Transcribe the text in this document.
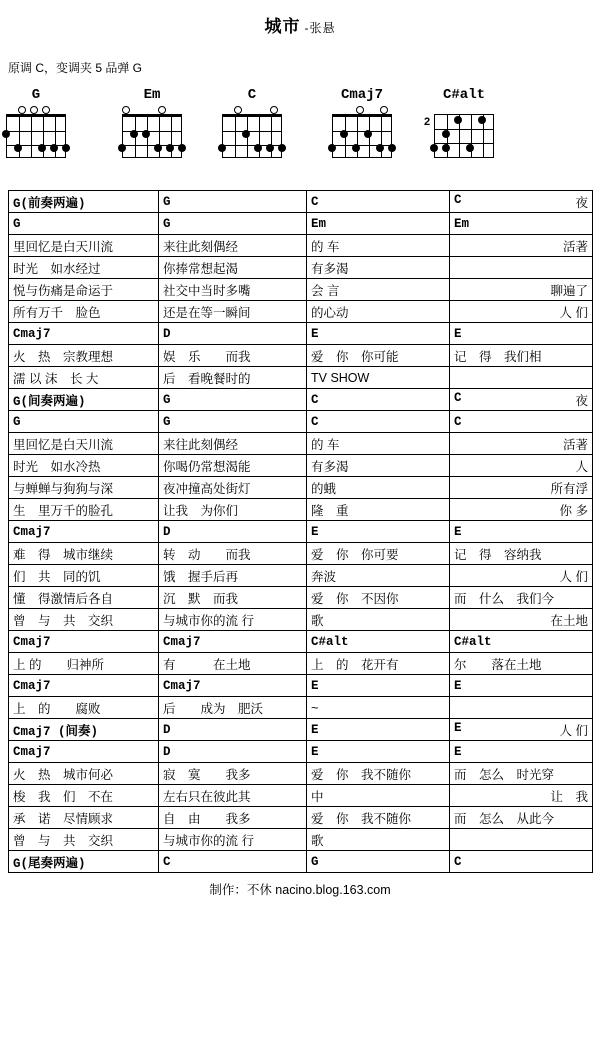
城市 -张悬
原调 C，变调夹 5 品弹 G
G	Em	C	Cmaj7	C#alt
2
G(前奏两遍)	G	C	C 夜

G	G	Em	Em
里回忆是白天川流	来往此刻偶经	的 车	活著
时光　如水经过	你捧常想起渴	有多渴	
悦与伤痛是命运于	社交中当时多嘴	会 言	聊遍了
所有万千　脸色	还是在等一瞬间	的心动	人 们
Cmaj7	D	E	E
火　热　宗教理想	娱　乐　　而我	爱　你　你可能	记　得　我们相
濡 以 沫　长 大	后　看晚餐时的	TV SHOW	
G(间奏两遍)	G	C	C 夜

G	G	C	C
里回忆是白天川流	来往此刻偶经	的 车	活著
时光　如水冷热	你喝仍常想渴能	有多渴	人
与蝉蝉与狗狗与深	夜冲撞高处街灯	的蛾	所有浮
生　里万千的脸孔	让我　为你们	隆　重	你 多
Cmaj7	D	E	E
难　得　城市继续	转　动　　而我	爱　你　你可要	记　得　容纳我
们　共　同的饥	饿　握手后再	奔波	人 们
懂　得激情后各自	沉　默　而我	爱　你　不因你	而　什么　我们今
曾　与　共　交织	与城市你的流 行	歌	在土地
Cmaj7	Cmaj7	C#alt	C#alt
上 的　　归神所	有　　　在土地	上　的　花开有	尔　　落在土地
Cmaj7	Cmaj7	E	E
上　的　　腐败	后　　成为　肥沃	~	
Cmaj7 (间奏)	D	E	E 人 们

Cmaj7	D	E	E
火　热　城市何必	寂　寞　　我多	爱　你　我不随你	而　怎么　时光穿
梭　我　们　不在	左右只在彼此其	中	让　我
承　诺　尽情顾求	自　由　　我多	爱　你　我不随你	而　怎么　从此今
曾　与　共　交织	与城市你的流 行	歌	
G(尾奏两遍)	C	G	C
制作：不休 nacino.blog.163.com
